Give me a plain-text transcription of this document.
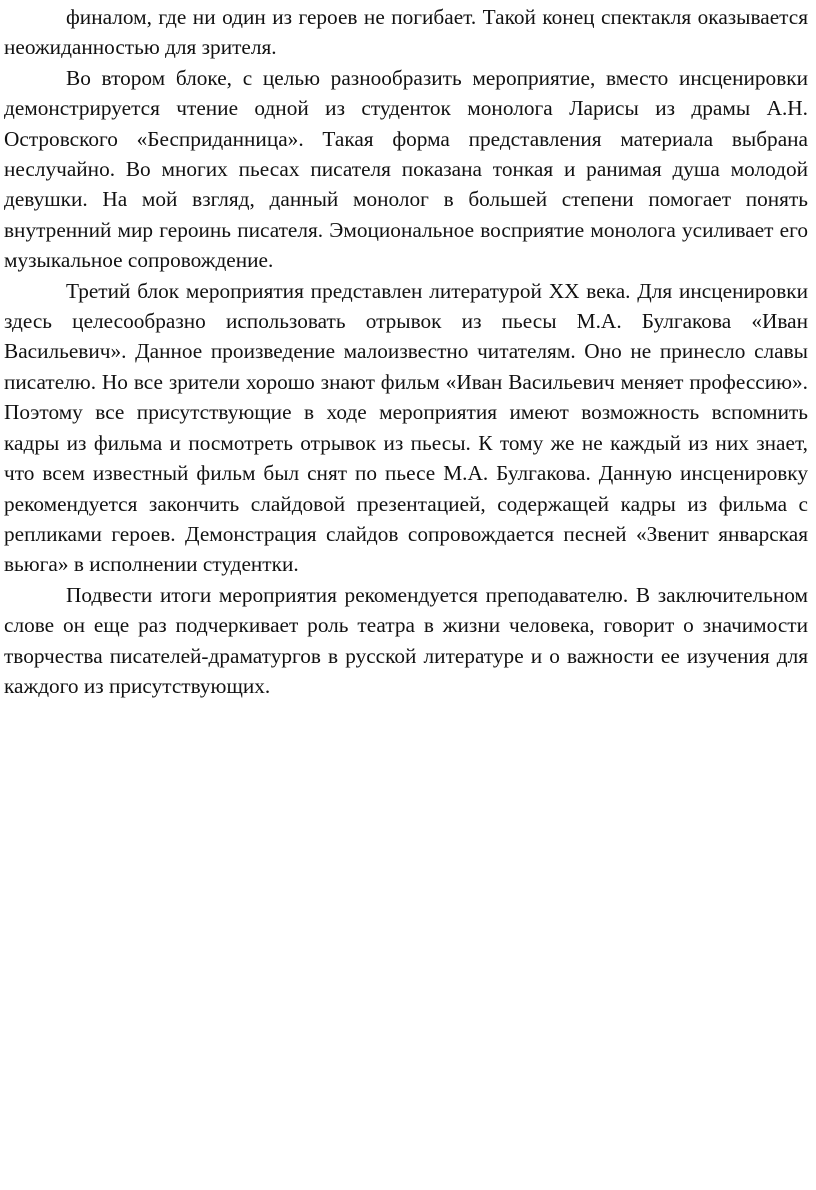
финалом, где ни один из героев не погибает. Такой конец спектакля оказывается неожиданностью для зрителя.

Во втором блоке, с целью разнообразить мероприятие, вместо инсценировки демонстрируется чтение одной из студенток монолога Ларисы из драмы А.Н. Островского «Бесприданница». Такая форма представления материала выбрана неслучайно. Во многих пьесах писателя показана тонкая и ранимая душа молодой девушки. На мой взгляд, данный монолог в большей степени помогает понять внутренний мир героинь писателя. Эмоциональное восприятие монолога усиливает его музыкальное сопровождение.

Третий блок мероприятия представлен литературой XX века. Для инсценировки здесь целесообразно использовать отрывок из пьесы М.А. Булгакова «Иван Васильевич». Данное произведение малоизвестно читателям. Оно не принесло славы писателю. Но все зрители хорошо знают фильм «Иван Васильевич меняет профессию». Поэтому все присутствующие в ходе мероприятия имеют возможность вспомнить кадры из фильма и посмотреть отрывок из пьесы. К тому же не каждый из них знает, что всем известный фильм был снят по пьесе М.А. Булгакова. Данную инсценировку рекомендуется закончить слайдовой презентацией, содержащей кадры из фильма с репликами героев. Демонстрация слайдов сопровождается песней «Звенит январская вьюга» в исполнении студентки.

Подвести итоги мероприятия рекомендуется преподавателю. В заключительном слове он еще раз подчеркивает роль театра в жизни человека, говорит о значимости творчества писателей-драматургов в русской литературе и о важности ее изучения для каждого из присутствующих.
